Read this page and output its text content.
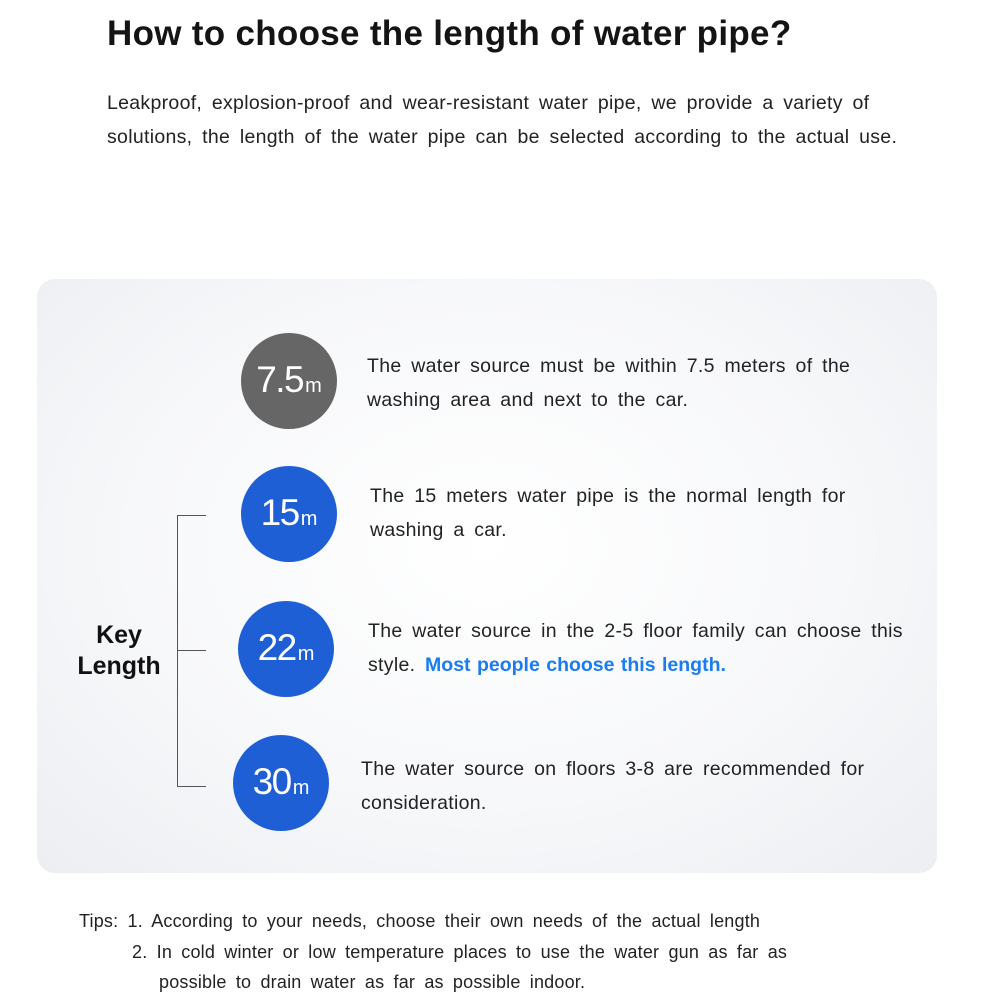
How to choose the length of water pipe?
Leakproof, explosion-proof and wear-resistant water pipe, we provide a variety of solutions, the length of the water pipe can be selected according to the actual use.
Key
Length
7.5 m
The water source must be within 7.5 meters of the washing area and next to the car.
15 m
The 15 meters water pipe is the normal length for washing a car.
22 m
The water source in the 2-5 floor family can choose this style. Most people choose this length.
30 m
The water source on floors 3-8 are recommended for consideration.
Tips: 1. According to your needs, choose their own needs of the actual length
2. In cold winter or low temperature places to use the water gun as far as
possible to drain water as far as possible indoor.
